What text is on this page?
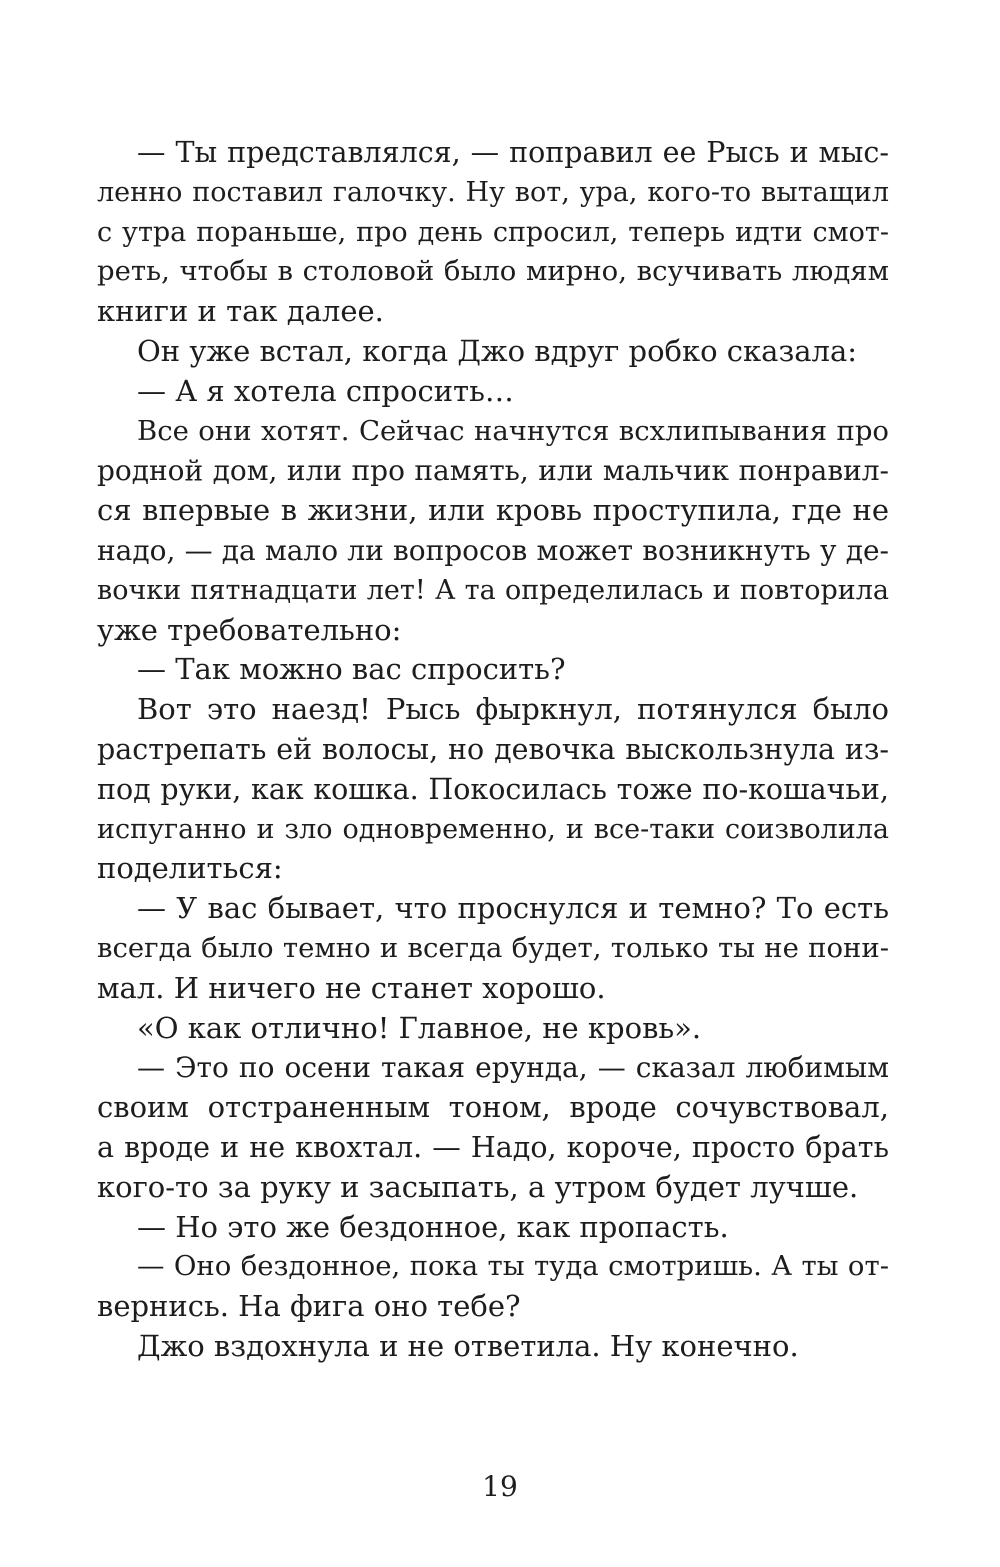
— Ты представлялся, — поправил ее Рысь и мыс-
ленно поставил галочку. Ну вот, ура, кого-то вытащил
с утра пораньше, про день спросил, теперь идти смот-
реть, чтобы в столовой было мирно, всучивать людям
книги и так далее.
Он уже встал, когда Джо вдруг робко сказала:
— А я хотела спросить…
Все они хотят. Сейчас начнутся всхлипывания про
родной дом, или про память, или мальчик понравил-
ся впервые в жизни, или кровь проступила, где не
надо, — да мало ли вопросов может возникнуть у де-
вочки пятнадцати лет! А та определилась и повторила
уже требовательно:
— Так можно вас спросить?
Вот это наезд! Рысь фыркнул, потянулся было
растрепать ей волосы, но девочка выскользнула из-
под руки, как кошка. Покосилась тоже по-кошачьи,
испуганно и зло одновременно, и все-таки соизволила
поделиться:
— У вас бывает, что проснулся и темно? То есть
всегда было темно и всегда будет, только ты не пони-
мал. И ничего не станет хорошо.
«О как отлично! Главное, не кровь».
— Это по осени такая ерунда, — сказал любимым
своим отстраненным тоном, вроде сочувствовал,
а вроде и не квохтал. — Надо, короче, просто брать
кого-то за руку и засыпать, а утром будет лучше.
— Но это же бездонное, как пропасть.
— Оно бездонное, пока ты туда смотришь. А ты от-
вернись. На фига оно тебе?
Джо вздохнула и не ответила. Ну конечно.
19
